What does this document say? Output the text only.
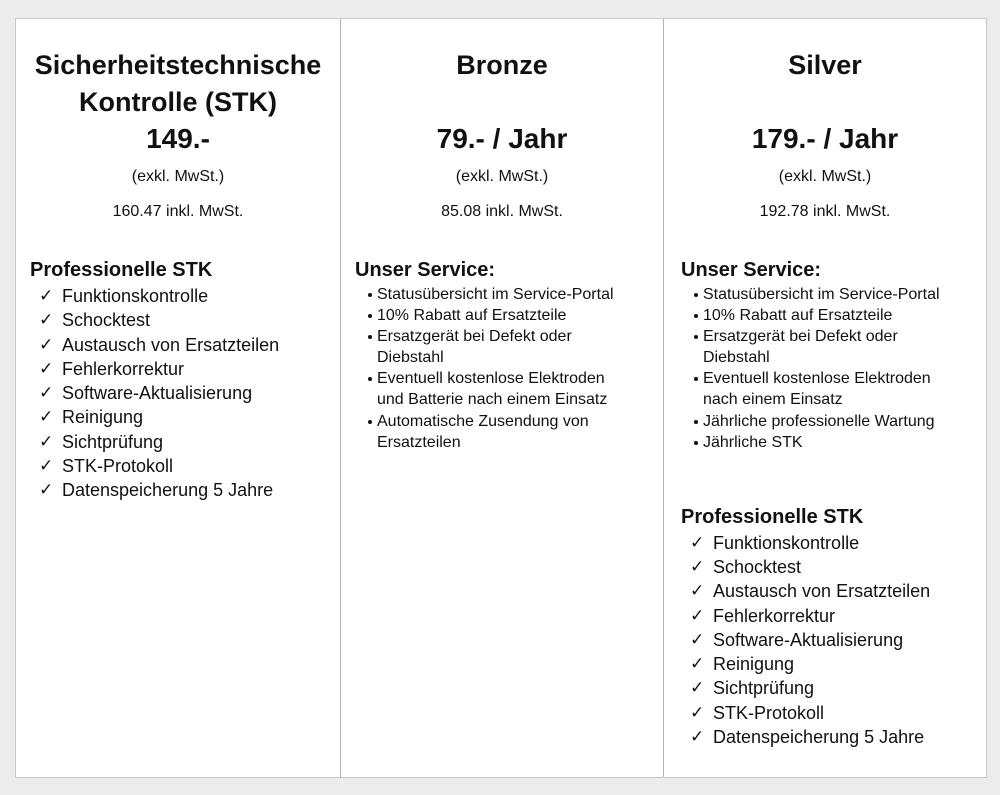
Sicherheitstechnische Kontrolle (STK)
149.-
(exkl. MwSt.)
160.47 inkl. MwSt.
Professionelle STK
✓
Funktionskontrolle
✓
Schocktest
✓
Austausch von Ersatzteilen
✓
Fehlerkorrektur
✓
Software-Aktualisierung
✓
Reinigung
✓
Sichtprüfung
✓
STK-Protokoll
✓
Datenspeicherung 5 Jahre
Bronze
79.- / Jahr
(exkl. MwSt.)
85.08 inkl. MwSt.
Unser Service:
Statusübersicht im Service-Portal
10% Rabatt auf Ersatzteile
Ersatzgerät bei Defekt oder Diebstahl
Eventuell kostenlose Elektroden und Batterie nach einem Einsatz
Automatische Zusendung von Ersatzteilen
Silver
179.- / Jahr
(exkl. MwSt.)
192.78 inkl. MwSt.
Unser Service:
Statusübersicht im Service-Portal
10% Rabatt auf Ersatzteile
Ersatzgerät bei Defekt oder Diebstahl
Eventuell kostenlose Elektroden nach einem Einsatz
Jährliche professionelle Wartung
Jährliche STK
Professionelle STK
✓
Funktionskontrolle
✓
Schocktest
✓
Austausch von Ersatzteilen
✓
Fehlerkorrektur
✓
Software-Aktualisierung
✓
Reinigung
✓
Sichtprüfung
✓
STK-Protokoll
✓
Datenspeicherung 5 Jahre
